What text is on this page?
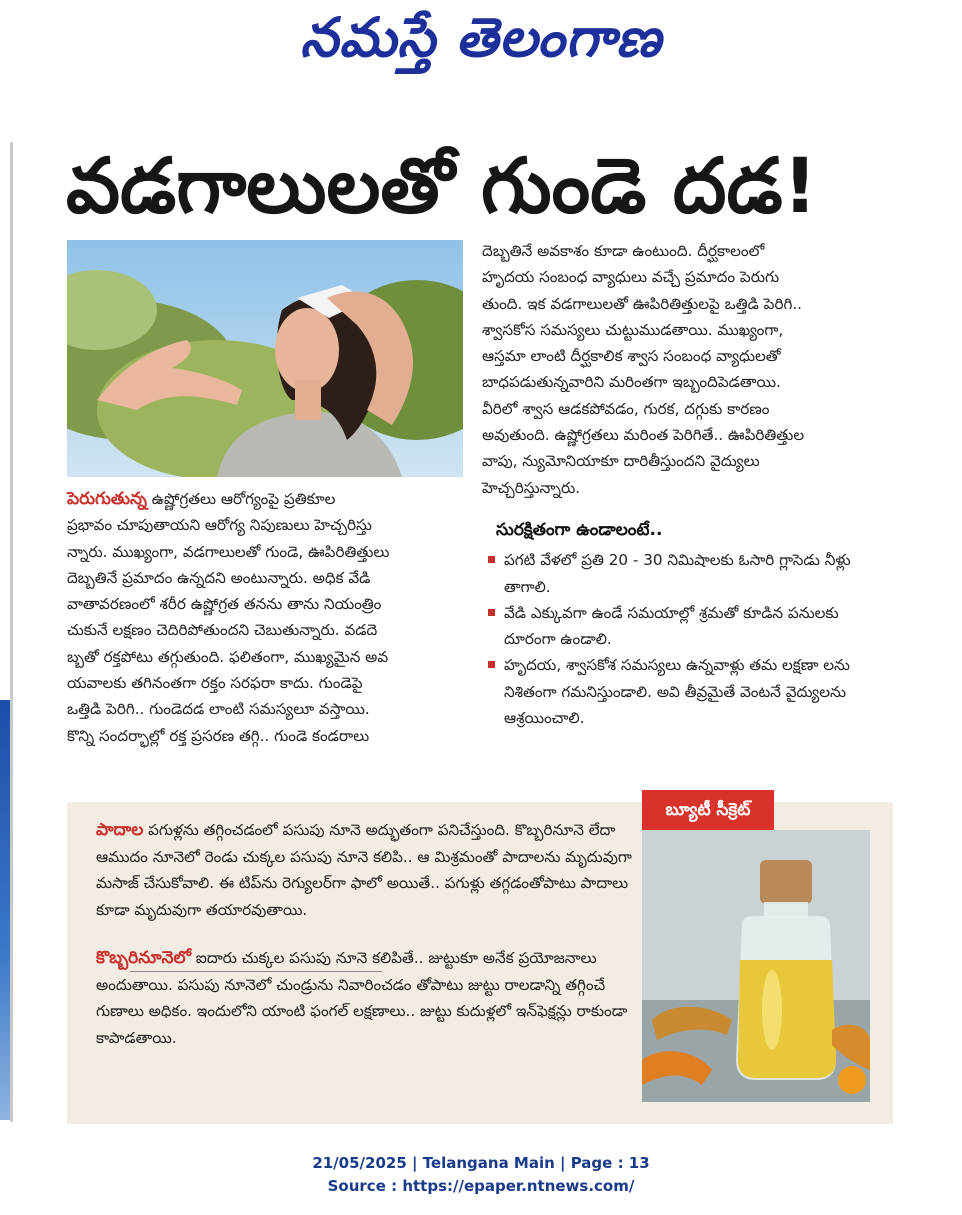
నమస్తే తెలంగాణ
వడగాలులతో గుండె దడ!

పెరుగుతున్న ఉష్ణోగ్రతలు ఆరోగ్యంపై ప్రతికూల

ప్రభావం చూపుతాయని ఆరోగ్య నిపుణులు హెచ్చరిస్తు

న్నారు. ముఖ్యంగా, వడగాలులతో గుండె, ఊపిరితిత్తులు

దెబ్బతినే ప్రమాదం ఉన్నదని అంటున్నారు. అధిక వేడి

వాతావరణంలో శరీర ఉష్ణోగ్రత తనను తాను నియంత్రిం

చుకునే లక్షణం చెదిరిపోతుందని చెబుతున్నారు. వడదె

బ్బతో రక్తపోటు తగ్గుతుంది. ఫలితంగా, ముఖ్యమైన అవ

యవాలకు తగినంతగా రక్తం సరఫరా కాదు. గుండెపై

ఒత్తిడి పెరిగి.. గుండెదడ లాంటి సమస్యలూ వస్తాయి.

కొన్ని సందర్భాల్లో రక్త ప్రసరణ తగ్గి.. గుండె కండరాలు

దెబ్బతినే అవకాశం కూడా ఉంటుంది. దీర్ఘకాలంలో

హృదయ సంబంధ వ్యాధులు వచ్చే ప్రమాదం పెరుగు

తుంది. ఇక వడగాలులతో ఊపిరితిత్తులపై ఒత్తిడి పెరిగి..

శ్వాసకోస సమస్యలు చుట్టుముడతాయి. ముఖ్యంగా,

ఆస్తమా లాంటి దీర్ఘకాలిక శ్వాస సంబంధ వ్యాధులతో

బాధపడుతున్నవారిని మరింతగా ఇబ్బందిపెడతాయి.

వీరిలో శ్వాస ఆడకపోవడం, గురక, దగ్గుకు కారణం

అవుతుంది. ఉష్ణోగ్రతలు మరింత పెరిగితే.. ఊపిరితిత్తుల

వాపు, న్యుమోనియాకూ దారితీస్తుందని వైద్యులు

హెచ్చరిస్తున్నారు.

సురక్షితంగా ఉండాలంటే..

పగటి వేళలో ప్రతి 20 - 30 నిమిషాలకు ఓసారి గ్లాసెడు నీళ్లు తాగాలి.
వేడి ఎక్కువగా ఉండే సమయాల్లో శ్రమతో కూడిన పనులకు దూరంగా ఉండాలి.
హృదయ, శ్వాసకోశ సమస్యలు ఉన్నవాళ్లు తమ లక్షణా లను నిశితంగా గమనిస్తుండాలి. అవి తీవ్రమైతే వెంటనే వైద్యులను ఆశ్రయించాలి.

పాదాల పగుళ్లను తగ్గించడంలో పసుపు నూనె అద్భుతంగా పనిచేస్తుంది. కొబ్బరినూనె లేదా ఆముదం నూనెలో రెండు చుక్కల పసుపు నూనె కలిపి.. ఆ మిశ్రమంతో పాదాలను మృదువుగా మసాజ్ చేసుకోవాలి. ఈ టిప్‌ను రెగ్యులర్‌గా ఫాలో అయితే.. పగుళ్లు తగ్గడంతోపాటు పాదాలు కూడా మృదువుగా తయారవుతాయి.

కొబ్బరినూనెలో ఐదారు చుక్కల పసుపు నూనె కలిపితే.. జుట్టుకూ అనేక ప్రయోజనాలు అందుతాయి. పసుపు నూనెలో చుండ్రును నివారించడం తోపాటు జుట్టు రాలడాన్ని తగ్గించే గుణాలు అధికం. ఇందులోని యాంటి ఫంగల్ లక్షణాలు.. జుట్టు కుదుళ్లలో ఇన్‌ఫెక్షన్లు రాకుండా కాపాడతాయి.

బ్యూటీ సీక్రెట్
21/05/2025 | Telangana Main | Page : 13
Source : https://epaper.ntnews.com/
